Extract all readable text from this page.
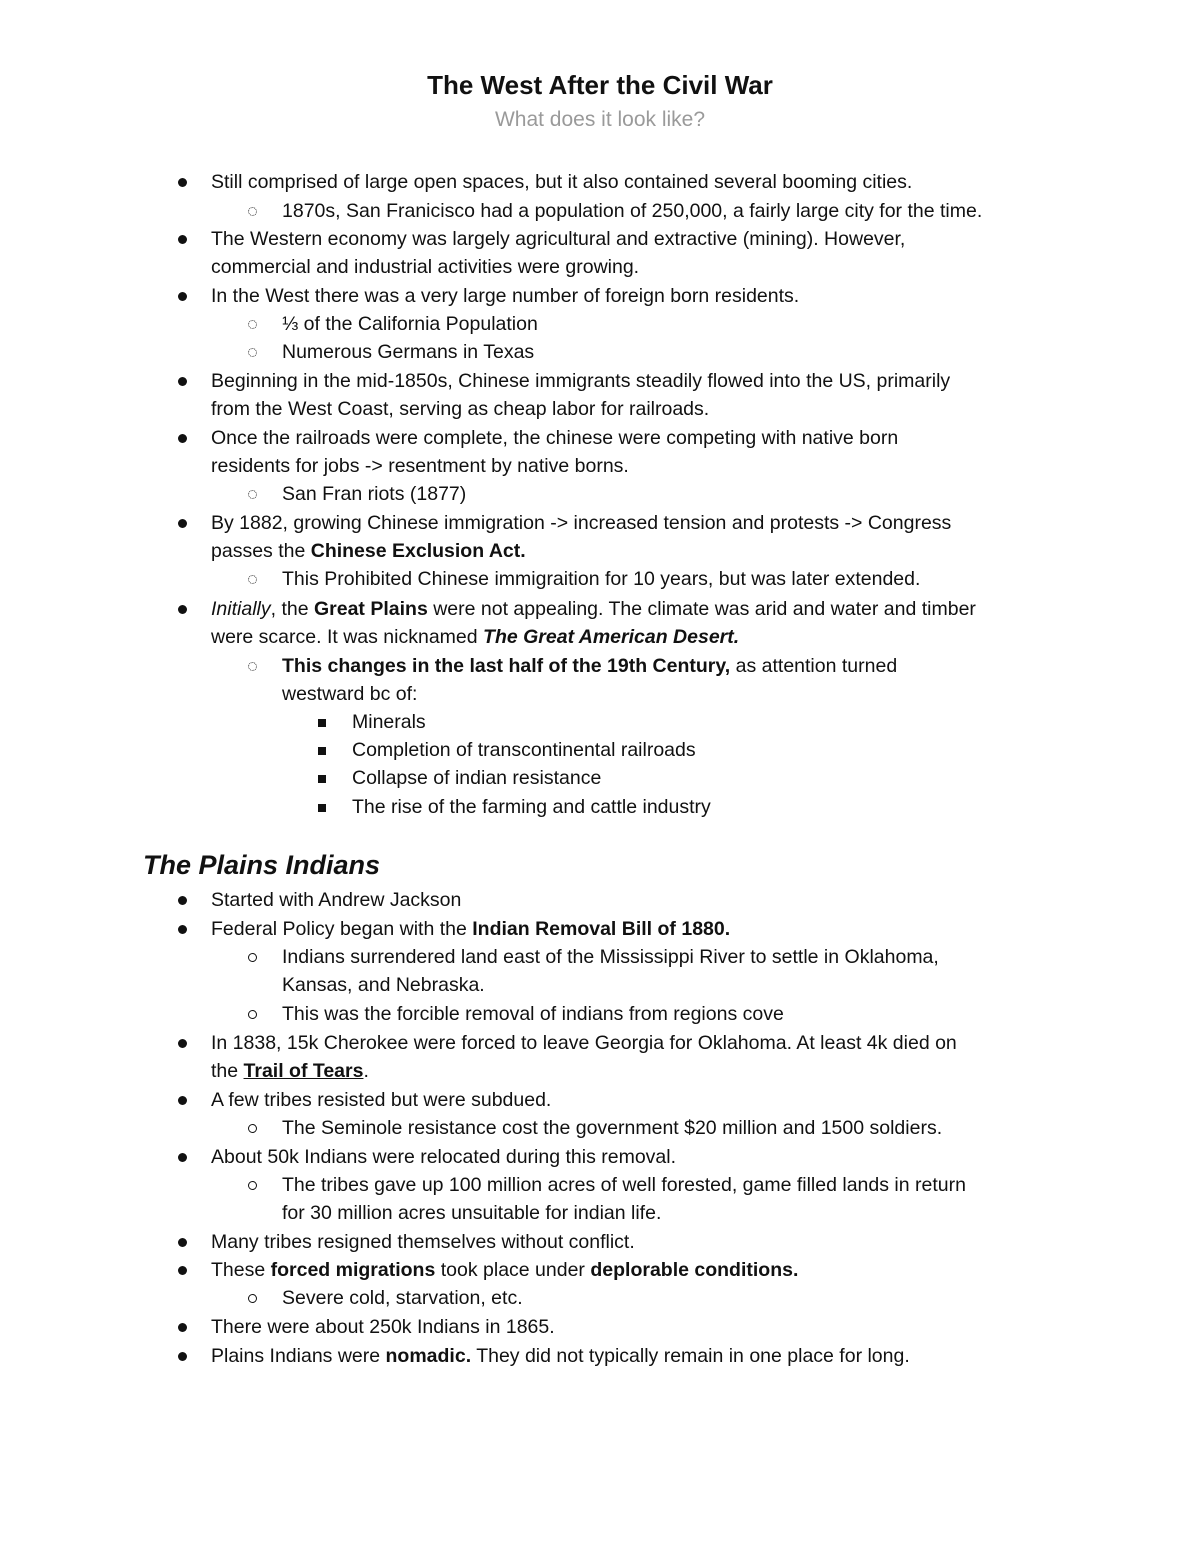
The West After the Civil War
What does it look like?
Still comprised of large open spaces, but it also contained several booming cities.
1870s, San Franicisco had a population of 250,000, a fairly large city for the time.
The Western economy was largely agricultural and extractive (mining). However,
commercial and industrial activities were growing.
In the West there was a very large number of foreign born residents.
⅓ of the California Population
Numerous Germans in Texas
Beginning in the mid-1850s, Chinese immigrants steadily flowed into the US, primarily
from the West Coast, serving as cheap labor for railroads.
Once the railroads were complete, the chinese were competing with native born
residents for jobs -> resentment by native borns.
San Fran riots (1877)
By 1882, growing Chinese immigration -> increased tension and protests -> Congress
passes the Chinese Exclusion Act.
This Prohibited Chinese immigraition for 10 years, but was later extended.
Initially, the Great Plains were not appealing. The climate was arid and water and timber
were scarce. It was nicknamed The Great American Desert.
This changes in the last half of the 19th Century, as attention turned
westward bc of:
Minerals
Completion of transcontinental railroads
Collapse of indian resistance
The rise of the farming and cattle industry
The Plains Indians
Started with Andrew Jackson
Federal Policy began with the Indian Removal Bill of 1880.
Indians surrendered land east of the Mississippi River to settle in Oklahoma,
Kansas, and Nebraska.
This was the forcible removal of indians from regions cove
In 1838, 15k Cherokee were forced to leave Georgia for Oklahoma. At least 4k died on
the Trail of Tears.
A few tribes resisted but were subdued.
The Seminole resistance cost the government $20 million and 1500 soldiers.
About 50k Indians were relocated during this removal.
The tribes gave up 100 million acres of well forested, game filled lands in return
for 30 million acres unsuitable for indian life.
Many tribes resigned themselves without conflict.
These forced migrations took place under deplorable conditions.
Severe cold, starvation, etc.
There were about 250k Indians in 1865.
Plains Indians were nomadic. They did not typically remain in one place for long.
